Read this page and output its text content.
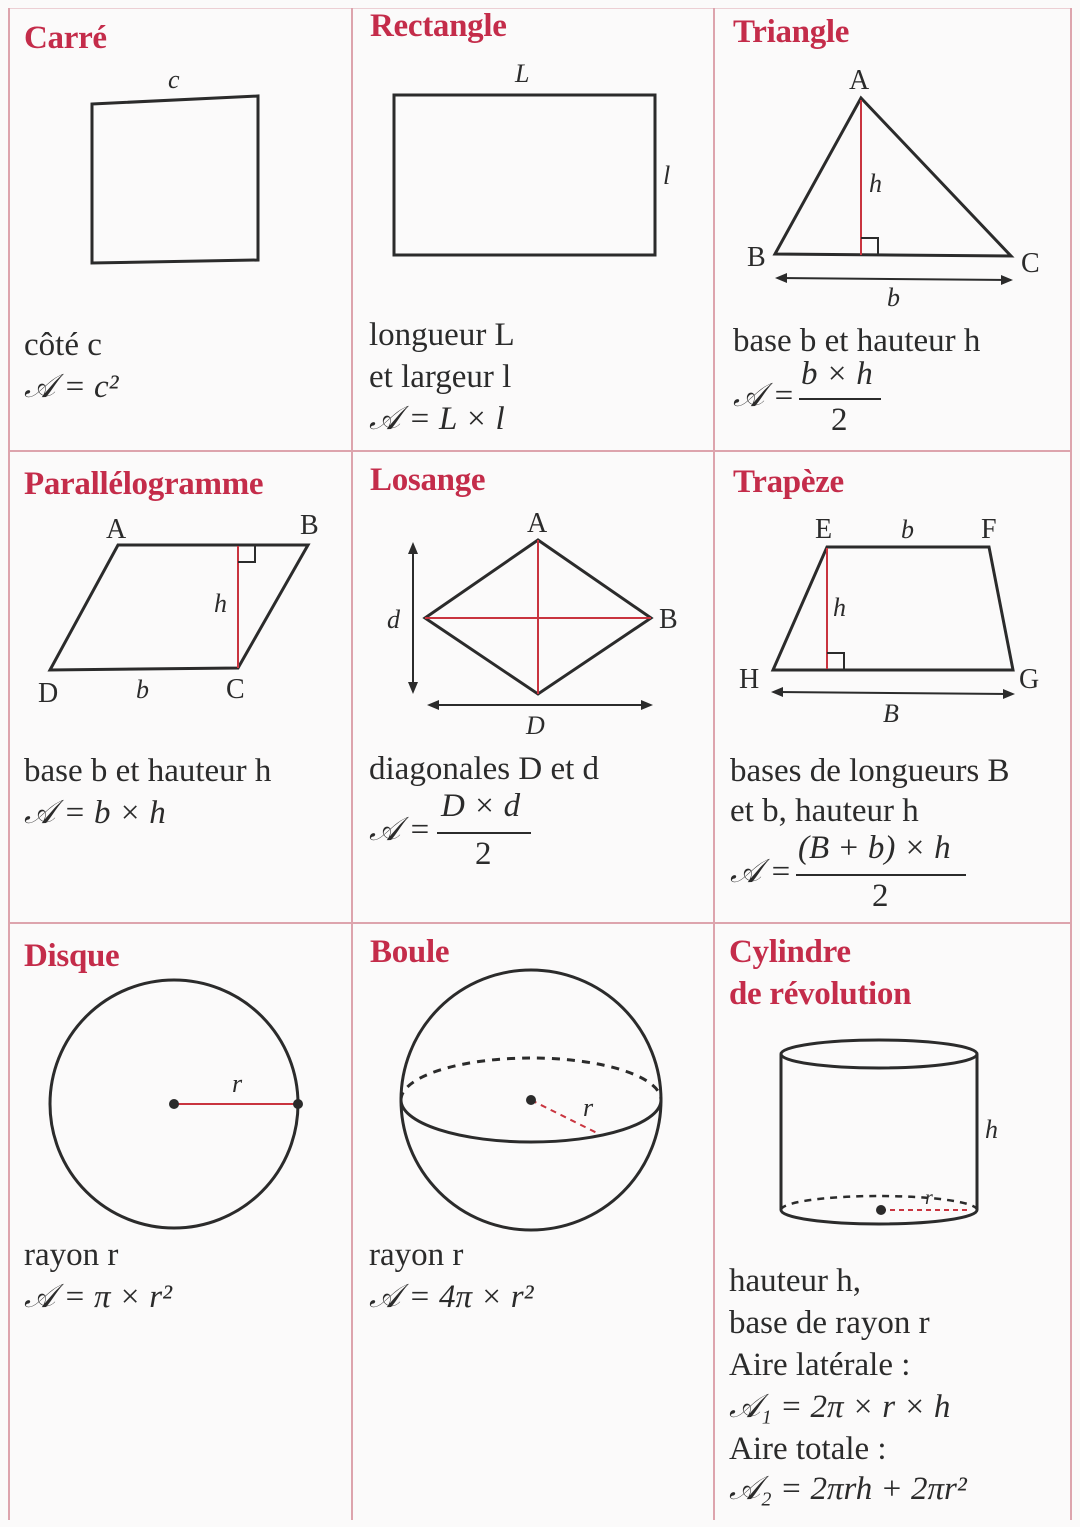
Carré
c
côté c
𝒜 = c²
Rectangle
L
l
longueur L
et largeur l
𝒜 = L × l
Triangle
A
B	C
h
b
base b et hauteur h
𝒜 =
b × h
2
Parallélogramme
A	B
C
D
h
b
base b et hauteur h
𝒜 = b × h
Losange
A
B
d
D
diagonales D et d
𝒜 =
D × d
2
Trapèze
E	F
G
H
b
h
B
bases de longueurs B
et b, hauteur h
𝒜 =
(B + b) × h
2
Disque
r
rayon r
𝒜 = π × r²
Boule
r
rayon r
𝒜 = 4π × r²
Cylindre
de révolution
h
r
hauteur h,
base de rayon r
Aire latérale :
𝒜₁ = 2π × r × h
Aire totale :
𝒜₂ = 2πrh + 2πr²
